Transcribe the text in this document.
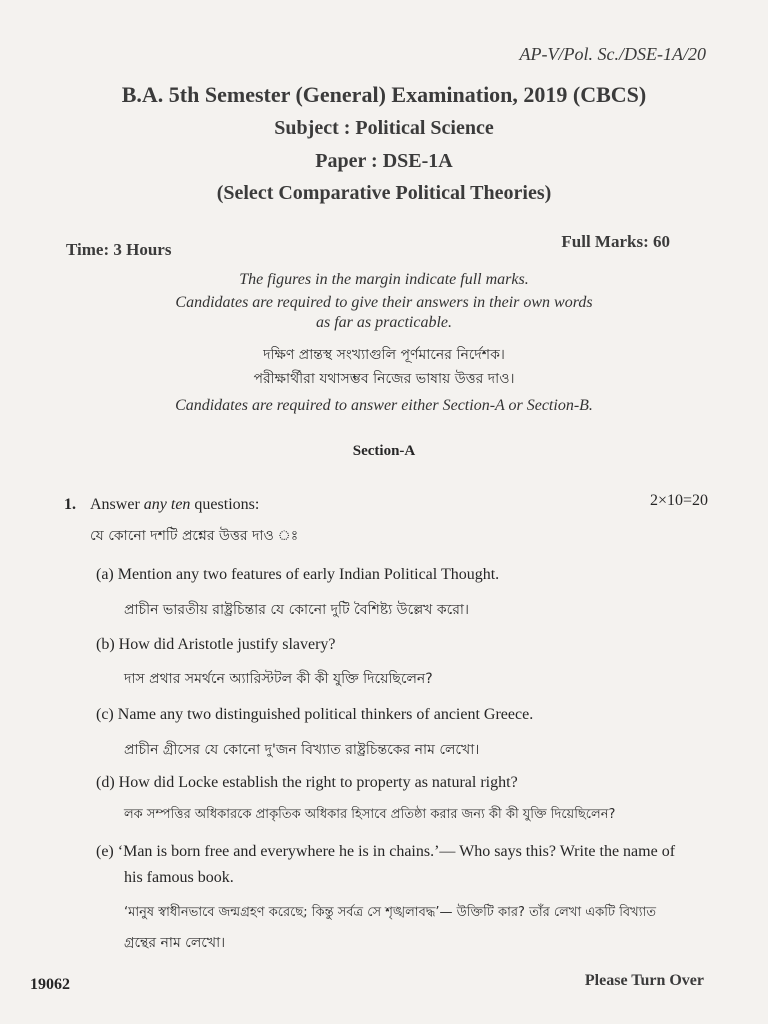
AP-V/Pol. Sc./DSE-1A/20
B.A. 5th Semester (General) Examination, 2019 (CBCS)
Subject : Political Science
Paper : DSE-1A
(Select Comparative Political Theories)
Time: 3 Hours	Full Marks: 60
The figures in the margin indicate full marks.
Candidates are required to give their answers in their own words
as far as practicable.
দক্ষিণ প্রান্তস্থ সংখ্যাগুলি পূর্ণমানের নির্দেশক।
পরীক্ষার্থীরা যথাসম্ভব নিজের ভাষায় উত্তর দাও।
Candidates are required to answer either Section-A or Section-B.
Section-A
1. Answer any ten questions:	2×10=20
যে কোনো দশটি প্রশ্নের উত্তর দাও ঃ
(a) Mention any two features of early Indian Political Thought.
প্রাচীন ভারতীয় রাষ্ট্রচিন্তার যে কোনো দুটি বৈশিষ্ট্য উল্লেখ করো।
(b) How did Aristotle justify slavery?
দাস প্রথার সমর্থনে অ্যারিস্টটল কী কী যুক্তি দিয়েছিলেন?
(c) Name any two distinguished political thinkers of ancient Greece.
প্রাচীন গ্রীসের যে কোনো দু'জন বিখ্যাত রাষ্ট্রচিন্তকের নাম লেখো।
(d) How did Locke establish the right to property as natural right?
লক সম্পত্তির অধিকারকে প্রাকৃতিক অধিকার হিসাবে প্রতিষ্ঠা করার জন্য কী কী যুক্তি দিয়েছিলেন?
(e) ‘Man is born free and everywhere he is in chains.’— Who says this? Write the name of
his famous book.
‘মানুষ স্বাধীনভাবে জন্মগ্রহণ করেছে; কিন্তু সর্বত্র সে শৃঙ্খলাবদ্ধ’— উক্তিটি কার? তাঁর লেখা একটি বিখ্যাত
গ্রন্থের নাম লেখো।
19062	Please Turn Over
